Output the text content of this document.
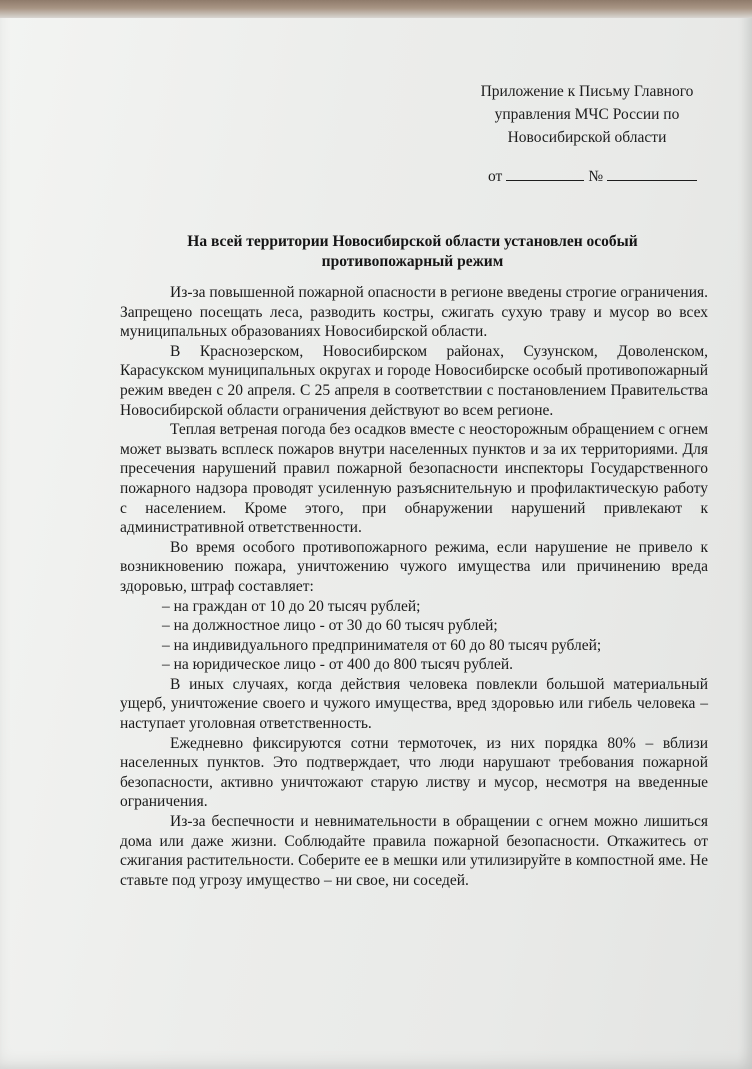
Приложение к Письму Главного
управления МЧС России по
Новосибирской области
от	№
На всей территории Новосибирской области установлен особый
противопожарный режим

Из-за повышенной пожарной опасности в регионе введены строгие ограничения. Запрещено посещать леса, разводить костры, сжигать сухую траву и мусор во всех муниципальных образованиях Новосибирской области.

В Краснозерском, Новосибирском районах, Сузунском, Доволенском, Карасукском муниципальных округах и городе Новосибирске особый противопожарный режим введен с 20 апреля. С 25 апреля в соответствии с постановлением Правительства Новосибирской области ограничения действуют во всем регионе.

Теплая ветреная погода без осадков вместе с неосторожным обращением с огнем может вызвать всплеск пожаров внутри населенных пунктов и за их территориями. Для пресечения нарушений правил пожарной безопасности инспекторы Государственного пожарного надзора проводят усиленную разъяснительную и профилактическую работу с населением. Кроме этого, при обнаружении нарушений привлекают к административной ответственности.

Во время особого противопожарного режима, если нарушение не привело к возникновению пожара, уничтожению чужого имущества или причинению вреда здоровью, штраф составляет:

– на граждан от 10 до 20 тысяч рублей;

– на должностное лицо - от 30 до 60 тысяч рублей;

– на индивидуального предпринимателя от 60 до 80 тысяч рублей;

– на юридическое лицо - от 400 до 800 тысяч рублей.

В иных случаях, когда действия человека повлекли большой материальный ущерб, уничтожение своего и чужого имущества, вред здоровью или гибель человека – наступает уголовная ответственность.

Ежедневно фиксируются сотни термоточек, из них порядка 80% – вблизи населенных пунктов. Это подтверждает, что люди нарушают требования пожарной безопасности, активно уничтожают старую листву и мусор, несмотря на введенные ограничения.

Из-за беспечности и невнимательности в обращении с огнем можно лишиться дома или даже жизни. Соблюдайте правила пожарной безопасности. Откажитесь от сжигания растительности. Соберите ее в мешки или утилизируйте в компостной яме. Не ставьте под угрозу имущество – ни свое, ни соседей.
